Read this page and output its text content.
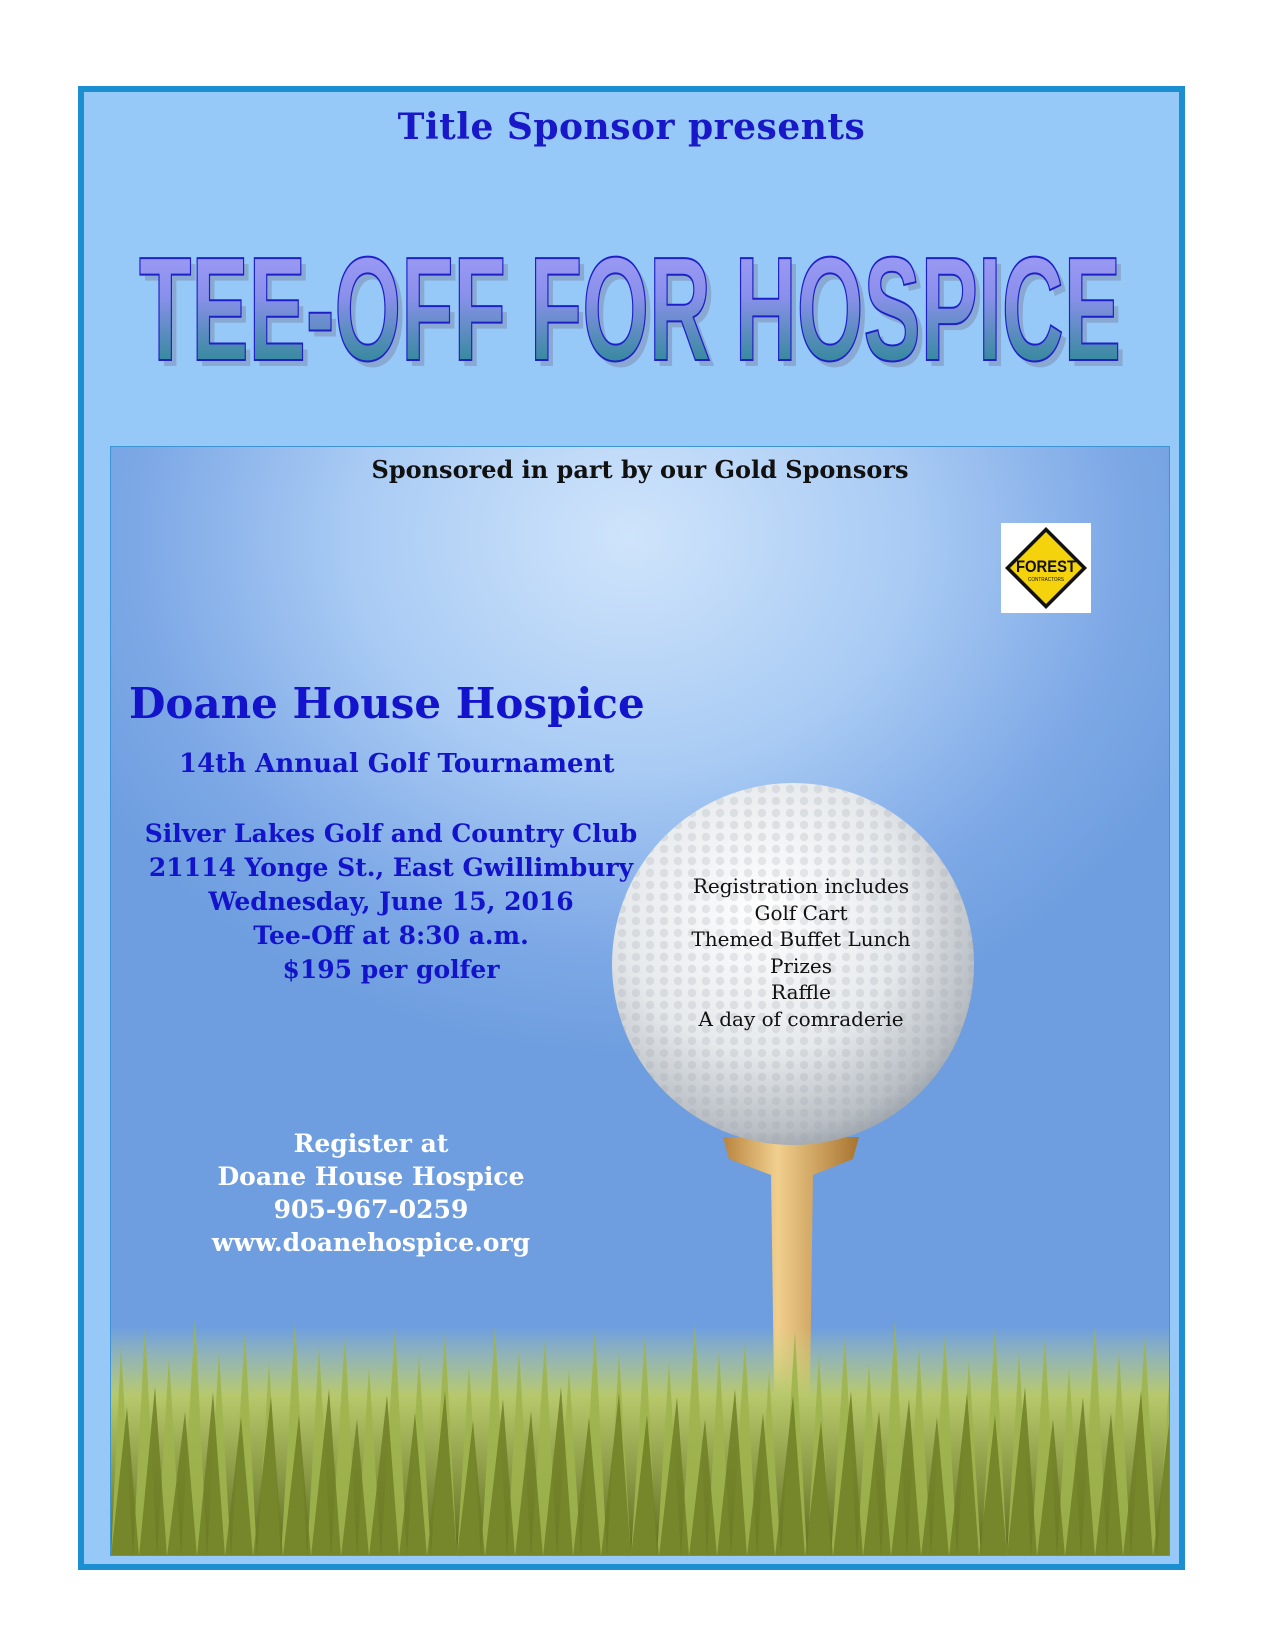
Title Sponsor presents
TEE-OFF FOR HOSPICE
TEE-OFF FOR HOSPICE
Sponsored in part by our Gold Sponsors
FOREST
CONTRACTORS
Doane House Hospice
14th Annual Golf Tournament
Silver Lakes Golf and Country Club
21114 Yonge St., East Gwillimbury
Wednesday, June 15, 2016
Tee-Off at 8:30 a.m.
$195 per golfer
Registration includes
Golf Cart
Themed Buffet Lunch
Prizes
Raffle
A day of comraderie
Register at
Doane House Hospice
905-967-0259
www.doanehospice.org
